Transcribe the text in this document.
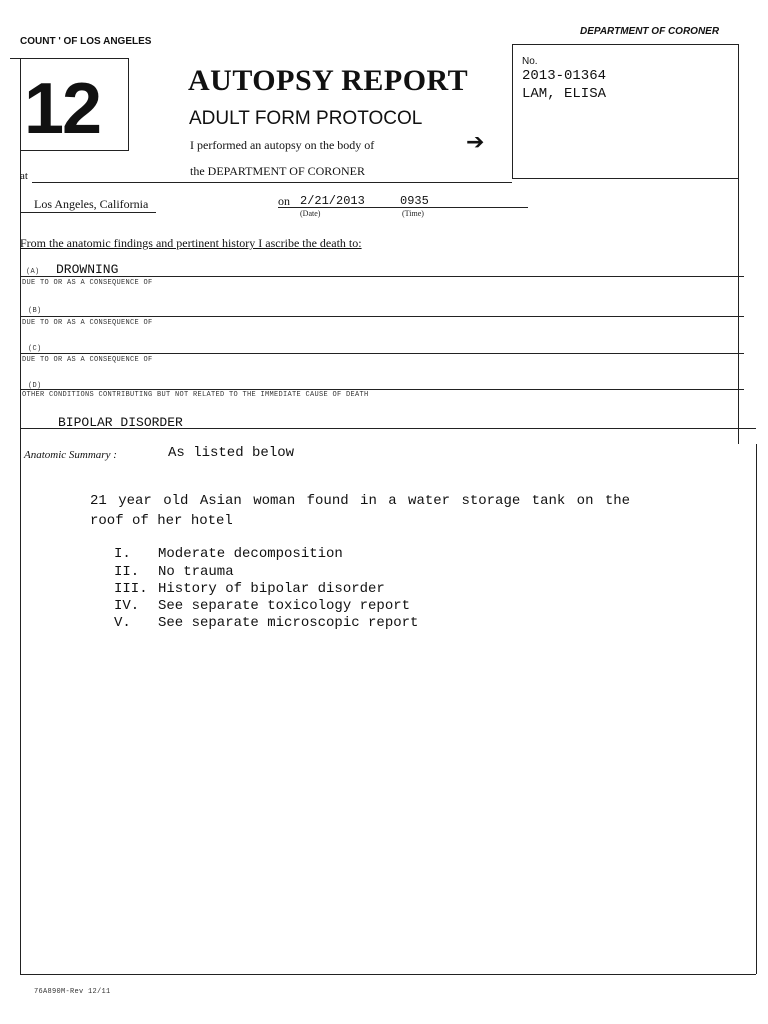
COUNT ' OF LOS ANGELES
DEPARTMENT OF CORONER
12
No.
2013-01364
LAM, ELISA
AUTOPSY REPORT
ADULT FORM PROTOCOL
I performed an autopsy on the body of	➔
the DEPARTMENT OF CORONER
at
Los Angeles, California	on 2/21/2013	0935
(Date)	(Time)
From the anatomic findings and pertinent history I ascribe the death to:
(A) DROWNING
DUE TO OR AS A CONSEQUENCE OF
(B)
DUE TO OR AS A CONSEQUENCE OF
(C)
DUE TO OR AS A CONSEQUENCE OF
(D)
OTHER CONDITIONS CONTRIBUTING BUT NOT RELATED TO THE IMMEDIATE CAUSE OF DEATH
BIPOLAR DISORDER
Anatomic Summary :	As listed below
21 year old Asian woman found in a water storage tank on the
roof of her hotel
I. Moderate decomposition
II. No trauma
III. History of bipolar disorder
IV. See separate toxicology report
V. See separate microscopic report
76A890M-Rev 12/11
